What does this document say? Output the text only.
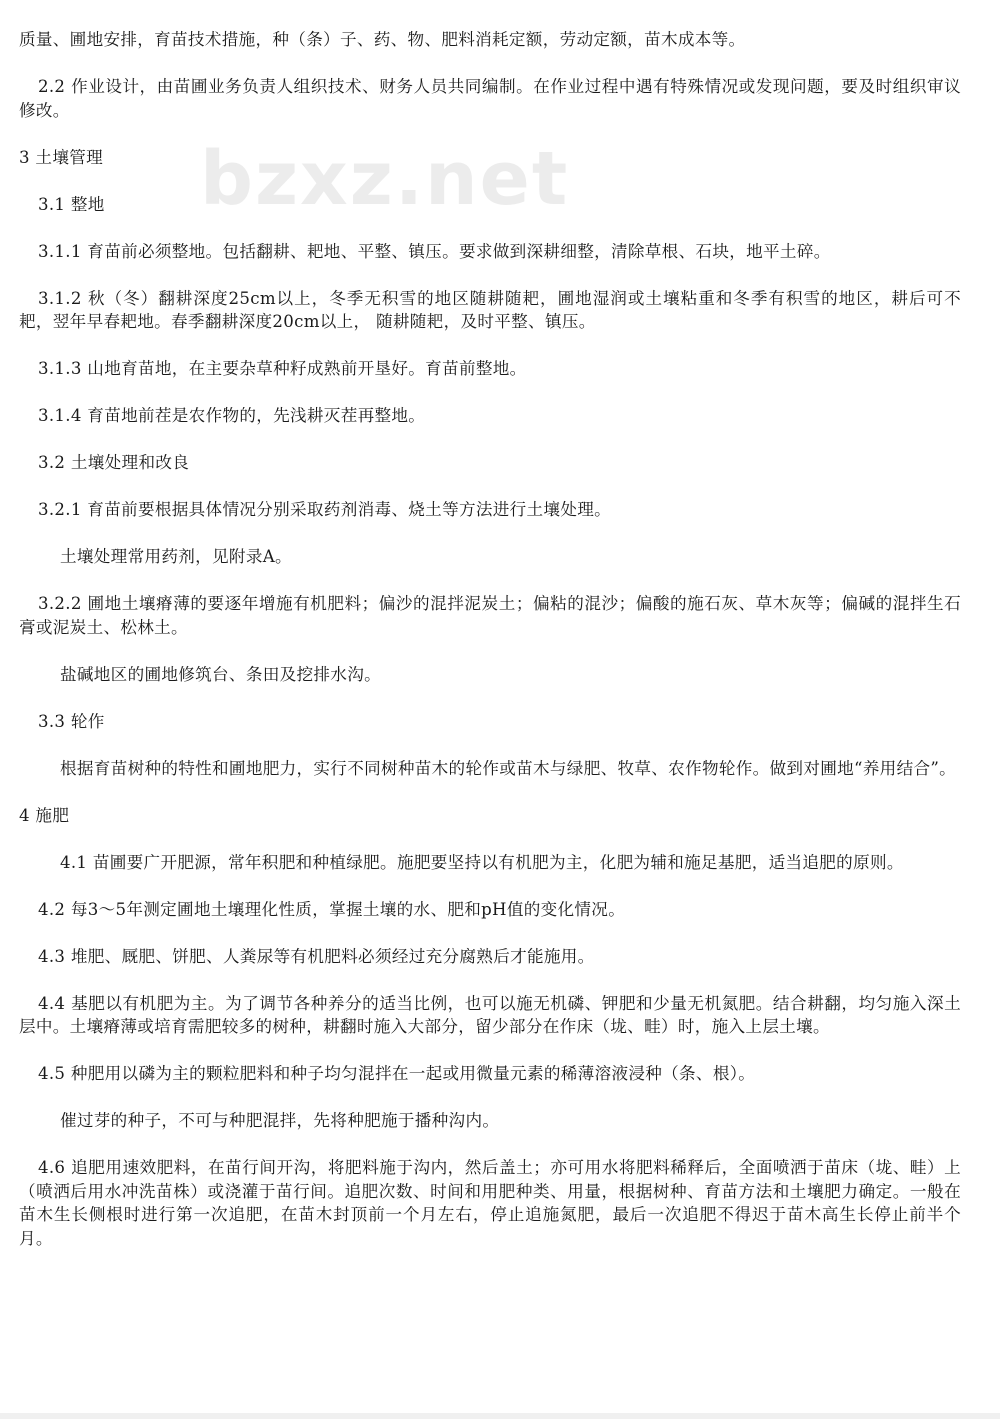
bzxz.net

质量、圃地安排，育苗技术措施，种（条）子、药、物、肥料消耗定额，劳动定额，苗木成本等。

2.2 作业设计，由苗圃业务负责人组织技术、财务人员共同编制。在作业过程中遇有特殊情况或发现问题，要及时组织审议修改。

3 土壤管理

3.1 整地

3.1.1 育苗前必须整地。包括翻耕、耙地、平整、镇压。要求做到深耕细整，清除草根、石块，地平土碎。

3.1.2 秋（冬）翻耕深度25cm以上，冬季无积雪的地区随耕随耙，圃地湿润或土壤粘重和冬季有积雪的地区，耕后可不耙，翌年早春耙地。春季翻耕深度20cm以上， 随耕随耙，及时平整、镇压。

3.1.3 山地育苗地，在主要杂草种籽成熟前开垦好。育苗前整地。

3.1.4 育苗地前茬是农作物的，先浅耕灭茬再整地。

3.2 土壤处理和改良

3.2.1 育苗前要根据具体情况分别采取药剂消毒、烧土等方法进行土壤处理。

土壤处理常用药剂，见附录A。

3.2.2 圃地土壤瘠薄的要逐年增施有机肥料；偏沙的混拌泥炭土；偏粘的混沙；偏酸的施石灰、草木灰等；偏碱的混拌生石膏或泥炭土、松林土。

盐碱地区的圃地修筑台、条田及挖排水沟。

3.3 轮作

根据育苗树种的特性和圃地肥力，实行不同树种苗木的轮作或苗木与绿肥、牧草、农作物轮作。做到对圃地“养用结合”。

4 施肥

4.1 苗圃要广开肥源，常年积肥和种植绿肥。施肥要坚持以有机肥为主，化肥为辅和施足基肥，适当追肥的原则。

4.2 每3～5年测定圃地土壤理化性质，掌握土壤的水、肥和pH值的变化情况。

4.3 堆肥、厩肥、饼肥、人粪尿等有机肥料必须经过充分腐熟后才能施用。

4.4 基肥以有机肥为主。为了调节各种养分的适当比例，也可以施无机磷、钾肥和少量无机氮肥。结合耕翻，均匀施入深土层中。土壤瘠薄或培育需肥较多的树种，耕翻时施入大部分，留少部分在作床（垅、畦）时，施入上层土壤。

4.5 种肥用以磷为主的颗粒肥料和种子均匀混拌在一起或用微量元素的稀薄溶液浸种（条、根）。

催过芽的种子，不可与种肥混拌，先将种肥施于播种沟内。

4.6 追肥用速效肥料，在苗行间开沟，将肥料施于沟内，然后盖土；亦可用水将肥料稀释后，全面喷洒于苗床（垅、畦）上（喷洒后用水冲洗苗株）或浇灌于苗行间。追肥次数、时间和用肥种类、用量，根据树种、育苗方法和土壤肥力确定。一般在苗木生长侧根时进行第一次追肥，在苗木封顶前一个月左右，停止追施氮肥，最后一次追肥不得迟于苗木高生长停止前半个月。
